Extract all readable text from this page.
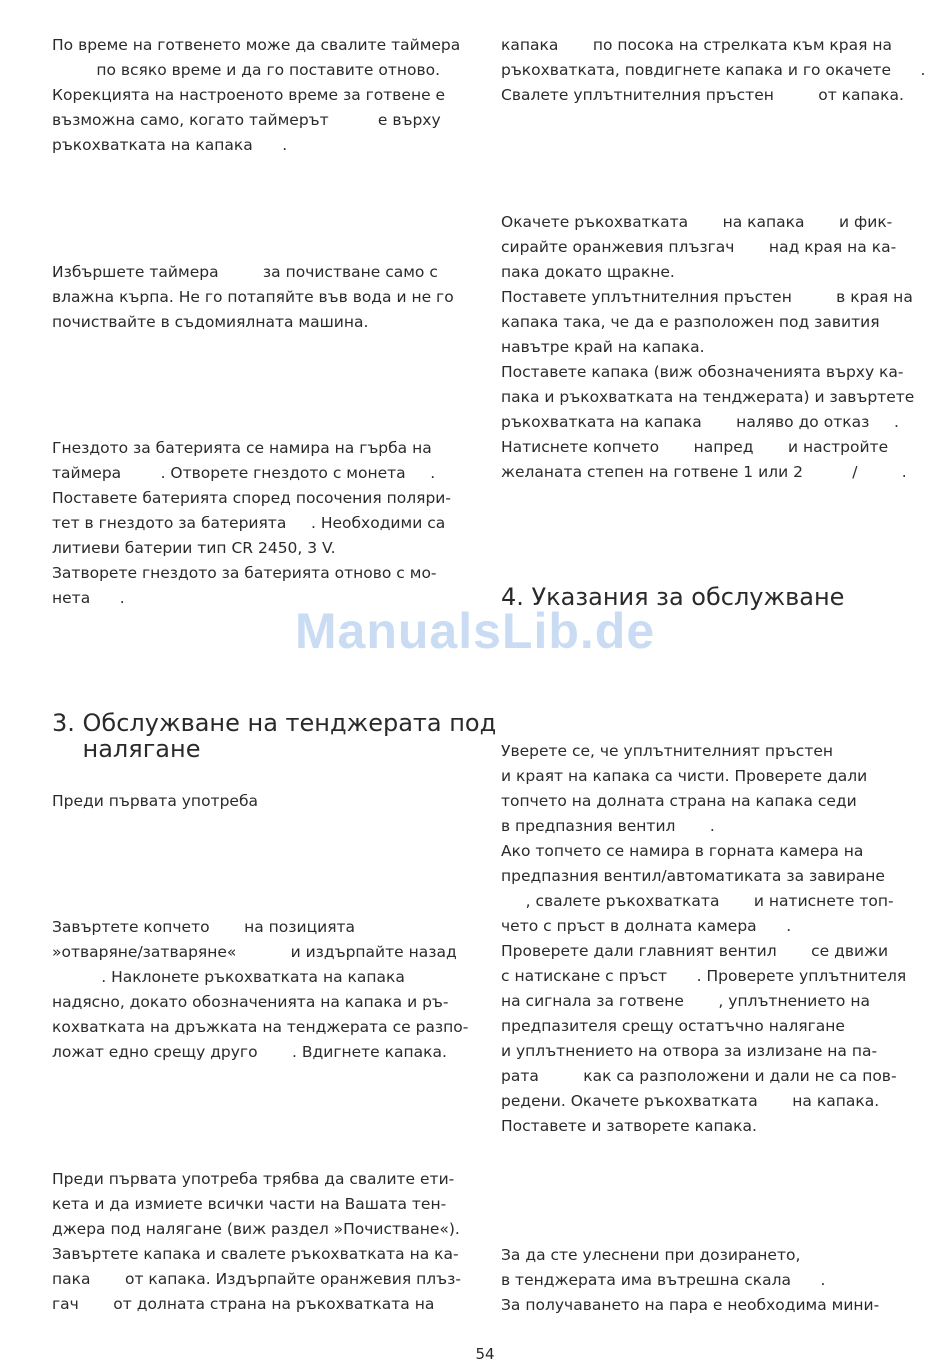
По време на готвенето може да свалите таймера
по всяко време и да го поставите отново.
Корекцията на настроеното време за готвене е
възможна само, когато таймерът          е върху
ръкохватката на капака      .
Избършете таймера         за почистване само с
влажна кърпа. Не го потапяйте във вода и не го
почиствайте в съдомиялната машина.
Гнездото за батерията се намира на гърба на
таймера        . Отворете гнездото с монета     .
Поставете батерията според посочения поляри-
тет в гнездото за батерията     . Необходими са
литиеви батерии тип CR 2450, 3 V.
Затворете гнездото за батерията отново с мо-
нета      .
3. Обслужване на тенджерата под
налягане
Преди първата употреба
Завъртете копчето       на позицията
»отваряне/затваряне«           и издърпайте назад
. Наклонете ръкохватката на капака
надясно, докато обозначенията на капака и ръ-
кохватката на дръжката на тенджерата се разпо-
ложат едно срещу друго       . Вдигнете капака.
Преди първата употреба трябва да свалите ети-
кета и да измиете всички части на Вашата тен-
джера под налягане (виж раздел »Почистване«).
Завъртете капака и свалете ръкохватката на ка-
пака       от капака. Издърпайте оранжевия плъз-
гач       от долната страна на ръкохватката на
капака       по посока на стрелката към края на
ръкохватката, повдигнете капака и го окачете      .
Свалете уплътнителния пръстен         от капака.
Окачете ръкохватката       на капака       и фик-
сирайте оранжевия плъзгач       над края на ка-
пака докато щракне.
Поставете уплътнителния пръстен         в края на
капака така, че да е разположен под завития
навътре край на капака.
Поставете капака (виж обозначенията върху ка-
пака и ръкохватката на тенджерата) и завъртете
ръкохватката на капака       наляво до отказ     .
Натиснете копчето       напред       и настройте
желаната степен на готвене 1 или 2          /         .
4. Указания за обслужване
Уверете се, че уплътнителният пръстен
и краят на капака са чисти. Проверете дали
топчето на долната страна на капака седи
в предпазния вентил       .
Ако топчето се намира в горната камера на
предпазния вентил/автоматиката за завиране
, свалете ръкохватката       и натиснете топ-
чето с пръст в долната камера      .
Проверете дали главният вентил       се движи
с натискане с пръст      . Проверете уплътнителя
на сигнала за готвене       , уплътнението на
предпазителя срещу остатъчно налягане
и уплътнението на отвора за излизане на па-
рата         как са разположени и дали не са пов-
редени. Окачете ръкохватката       на капака.
Поставете и затворете капака.
За да сте улеснени при дозирането,
в тенджерата има вътрешна скала      .
За получаването на пара е необходима мини-
ManualsLib.de
54
